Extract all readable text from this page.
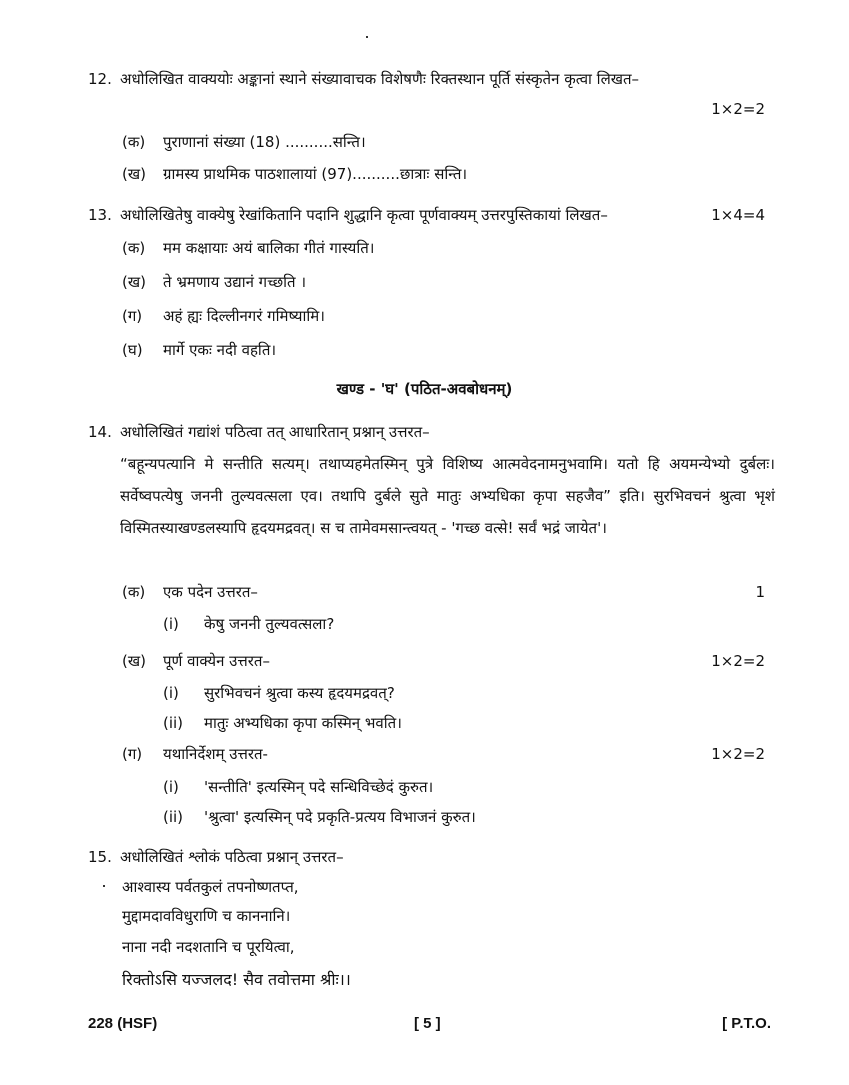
12. अधोलिखित वाक्ययोः अङ्कानां स्थाने संख्यावाचक विशेषणैः रिक्तस्थान पूर्ति संस्कृतेन कृत्वा लिखत–
1×2=2
(क) पुराणानां संख्या (18) ..........सन्ति।
(ख) ग्रामस्य प्राथमिक पाठशालायां (97)..........छात्राः सन्ति।
13. अधोलिखितेषु वाक्येषु रेखांकितानि पदानि शुद्धानि कृत्वा पूर्णवाक्यम् उत्तरपुस्तिकायां लिखत–	1×4=4
(क) मम कक्षायाः अयं बालिका गीतं गास्यति।
(ख) ते भ्रमणाय उद्यानं गच्छति ।
(ग) अहं ह्यः दिल्लीनगरं गमिष्यामि।
(घ) मार्गे एकः नदी वहति।
खण्ड - 'घ' (पठित-अवबोधनम्)
14. अधोलिखितं गद्यांशं पठित्वा तत् आधारितान् प्रश्नान् उत्तरत–
“बहून्यपत्यानि मे सन्तीति सत्यम्। तथाप्यहमेतस्मिन् पुत्रे विशिष्य आत्मवेदनामनुभवामि। यतो हि अयमन्येभ्यो दुर्बलः। सर्वेष्वपत्येषु जननी तुल्यवत्सला एव। तथापि दुर्बले सुते मातुः अभ्यधिका कृपा सहजैव” इति। सुरभिवचनं श्रुत्वा भृशं विस्मितस्याखण्डलस्यापि हृदयमद्रवत्। स च तामेवमसान्त्वयत् - 'गच्छ वत्से! सर्वं भद्रं जायेत'।
(क) एक पदेन उत्तरत–	1
(i) केषु जननी तुल्यवत्सला?
(ख) पूर्ण वाक्येन उत्तरत–	1×2=2
(i) सुरभिवचनं श्रुत्वा कस्य हृदयमद्रवत्?
(ii) मातुः अभ्यधिका कृपा कस्मिन् भवति।
(ग) यथानिर्देशम् उत्तरत-	1×2=2
(i) 'सन्तीति' इत्यस्मिन् पदे सन्धिविच्छेदं कुरुत।
(ii) 'श्रुत्वा' इत्यस्मिन् पदे प्रकृति-प्रत्यय विभाजनं कुरुत।
15. अधोलिखितं श्लोकं पठित्वा प्रश्नान् उत्तरत–
आश्वास्य पर्वतकुलं तपनोष्णतप्त,
मुद्दामदावविधुराणि च काननानि।
नाना नदी नदशतानि च पूरयित्वा,
रिक्तोऽसि यज्जलद! सैव तवोत्तमा श्रीः।।
228 (HSF)	[ 5 ]	[ P.T.O.
